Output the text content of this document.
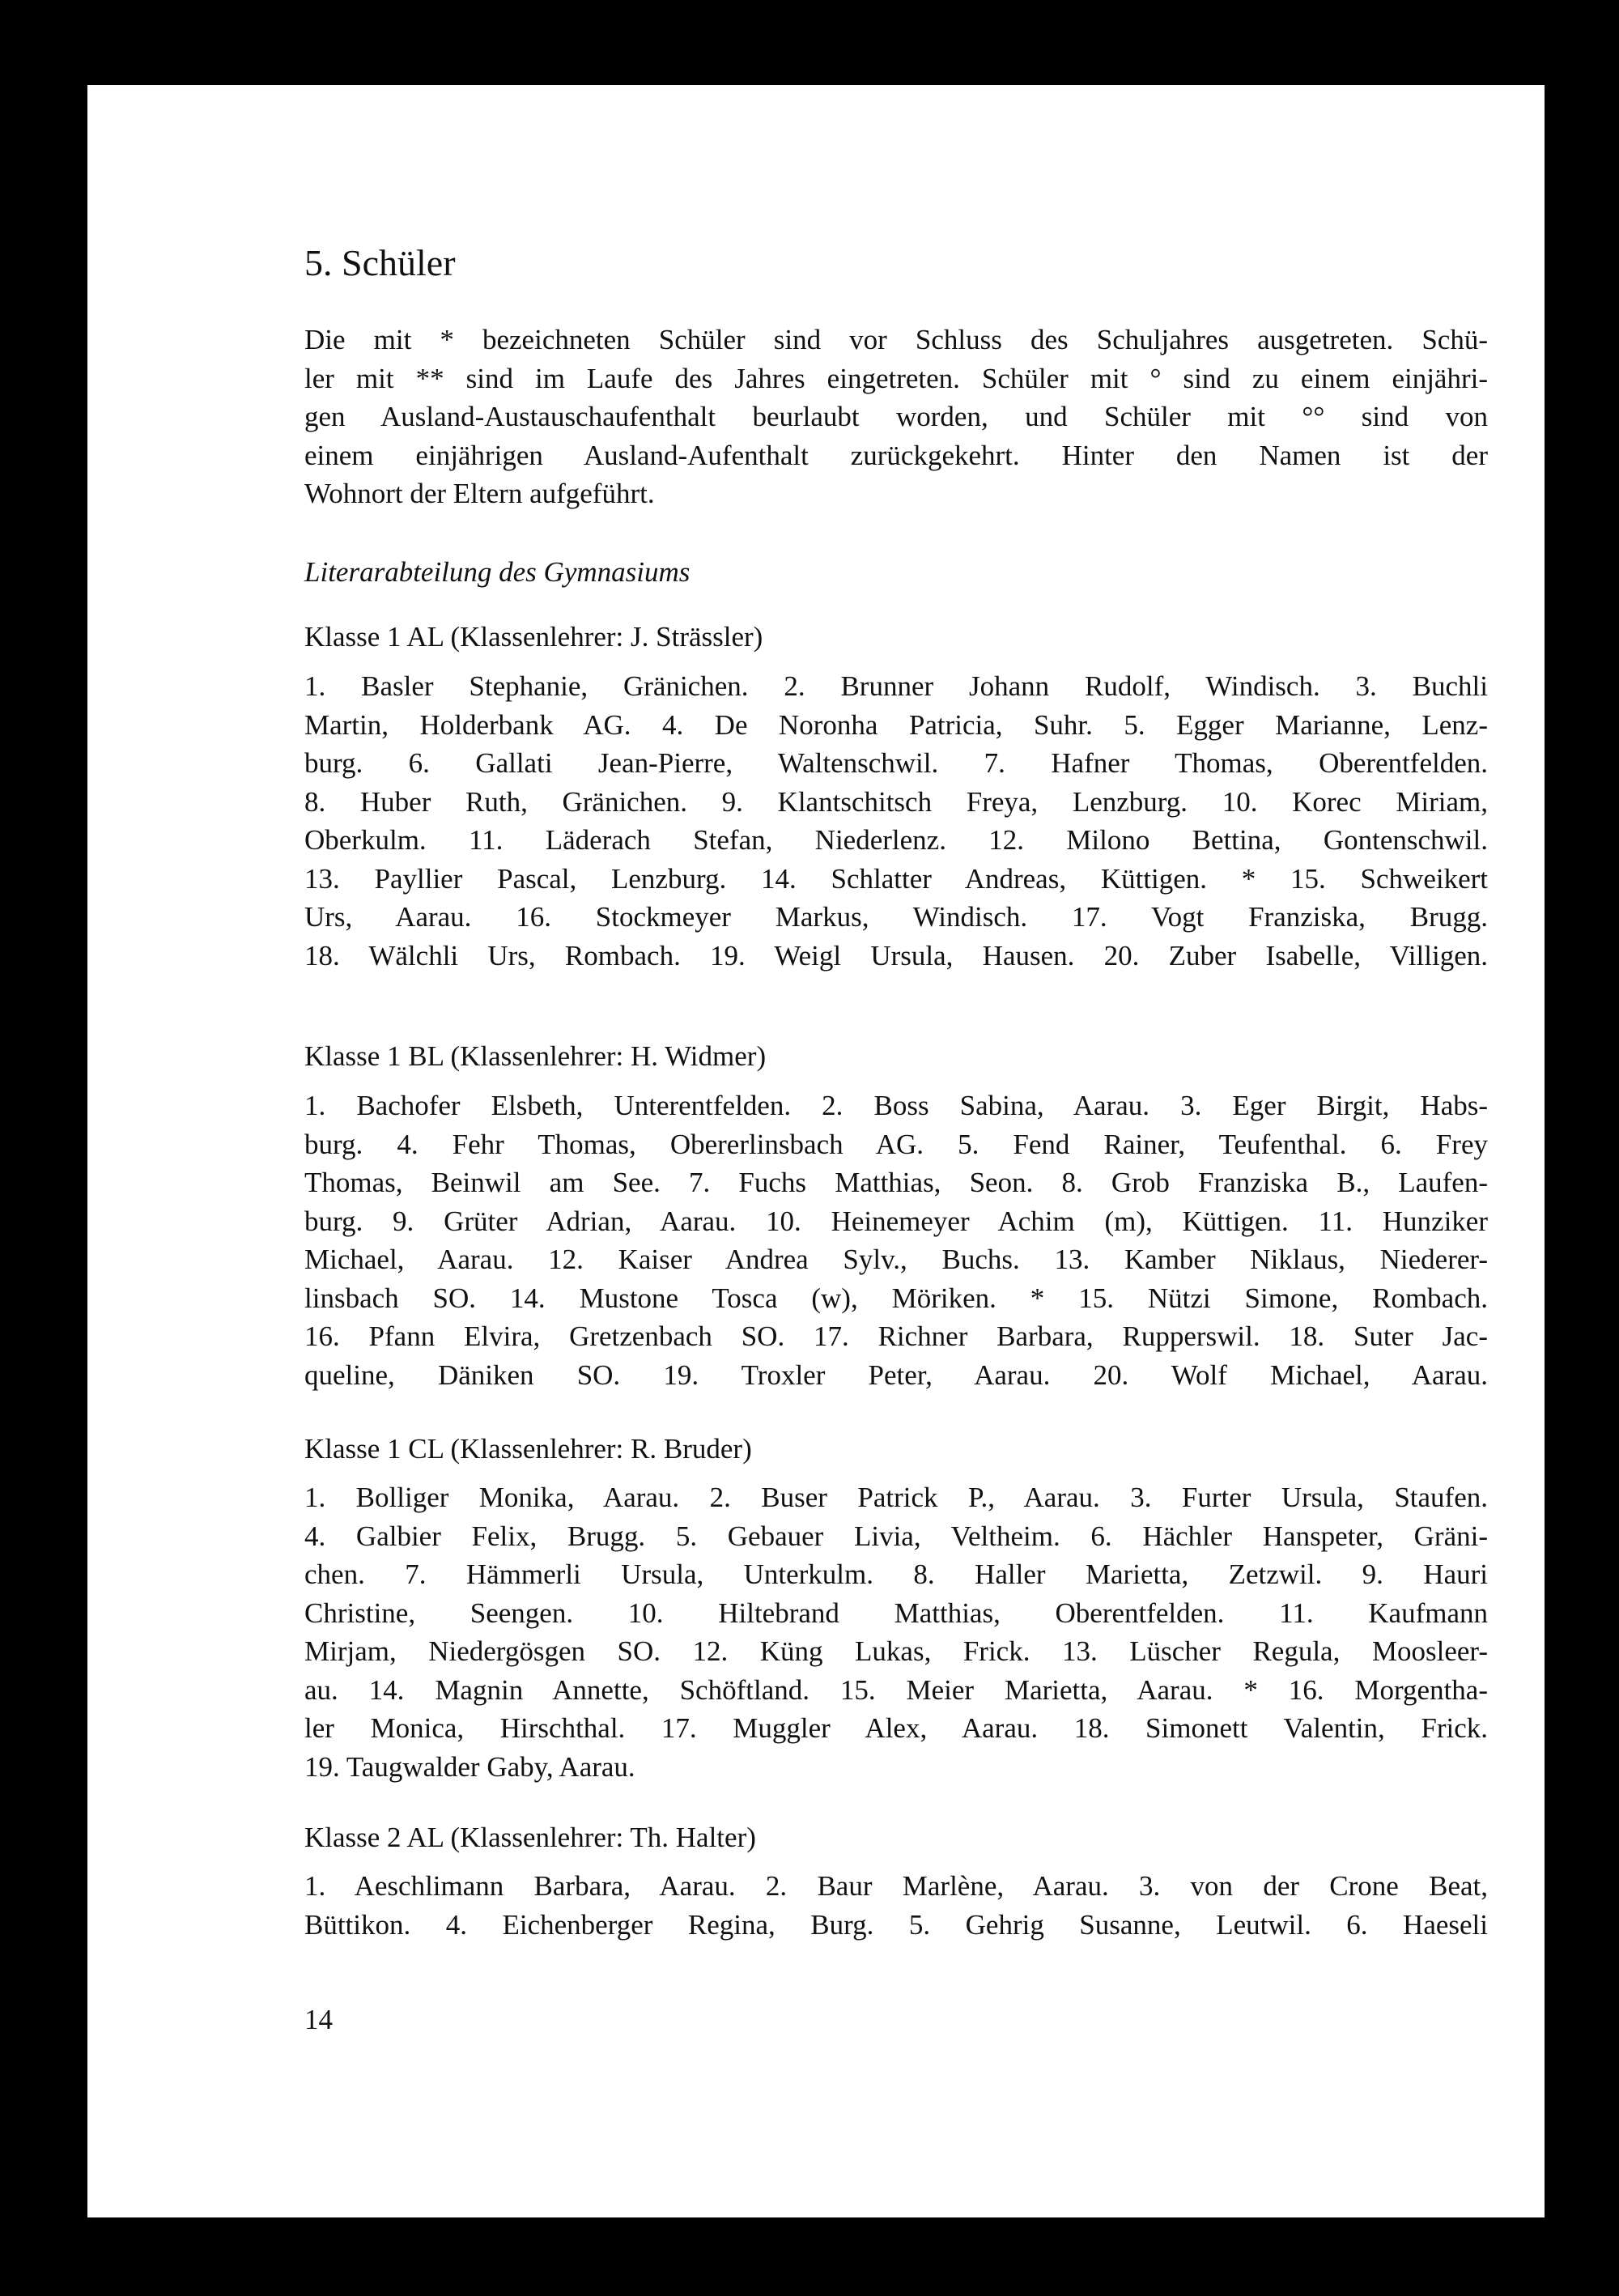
5. Schüler
Die mit * bezeichneten Schüler sind vor Schluss des Schuljahres ausgetreten. Schü-
ler mit ** sind im Laufe des Jahres eingetreten. Schüler mit ° sind zu einem einjähri-
gen Ausland-Austauschaufenthalt beurlaubt worden, und Schüler mit °° sind von
einem einjährigen Ausland-Aufenthalt zurückgekehrt. Hinter den Namen ist der
Wohnort der Eltern aufgeführt.
Literarabteilung des Gymnasiums
Klasse 1 AL (Klassenlehrer: J. Strässler)
1. Basler Stephanie, Gränichen. 2. Brunner Johann Rudolf, Windisch. 3. Buchli
Martin, Holderbank AG. 4. De Noronha Patricia, Suhr. 5. Egger Marianne, Lenz-
burg. 6. Gallati Jean-Pierre, Waltenschwil. 7. Hafner Thomas, Oberentfelden.
8. Huber Ruth, Gränichen. 9. Klantschitsch Freya, Lenzburg. 10. Korec Miriam,
Oberkulm. 11. Läderach Stefan, Niederlenz. 12. Milono Bettina, Gontenschwil.
13. Payllier Pascal, Lenzburg. 14. Schlatter Andreas, Küttigen. * 15. Schweikert
Urs, Aarau. 16. Stockmeyer Markus, Windisch. 17. Vogt Franziska, Brugg.
18. Wälchli Urs, Rombach. 19. Weigl Ursula, Hausen. 20. Zuber Isabelle, Villigen.
Klasse 1 BL (Klassenlehrer: H. Widmer)
1. Bachofer Elsbeth, Unterentfelden. 2. Boss Sabina, Aarau. 3. Eger Birgit, Habs-
burg. 4. Fehr Thomas, Obererlinsbach AG. 5. Fend Rainer, Teufenthal. 6. Frey
Thomas, Beinwil am See. 7. Fuchs Matthias, Seon. 8. Grob Franziska B., Laufen-
burg. 9. Grüter Adrian, Aarau. 10. Heinemeyer Achim (m), Küttigen. 11. Hunziker
Michael, Aarau. 12. Kaiser Andrea Sylv., Buchs. 13. Kamber Niklaus, Niederer-
linsbach SO. 14. Mustone Tosca (w), Möriken. * 15. Nützi Simone, Rombach.
16. Pfann Elvira, Gretzenbach SO. 17. Richner Barbara, Rupperswil. 18. Suter Jac-
queline, Däniken SO. 19. Troxler Peter, Aarau. 20. Wolf Michael, Aarau.
Klasse 1 CL (Klassenlehrer: R. Bruder)
1. Bolliger Monika, Aarau. 2. Buser Patrick P., Aarau. 3. Furter Ursula, Staufen.
4. Galbier Felix, Brugg. 5. Gebauer Livia, Veltheim. 6. Hächler Hanspeter, Gräni-
chen. 7. Hämmerli Ursula, Unterkulm. 8. Haller Marietta, Zetzwil. 9. Hauri
Christine, Seengen. 10. Hiltebrand Matthias, Oberentfelden. 11. Kaufmann
Mirjam, Niedergösgen SO. 12. Küng Lukas, Frick. 13. Lüscher Regula, Moosleer-
au. 14. Magnin Annette, Schöftland. 15. Meier Marietta, Aarau. * 16. Morgentha-
ler Monica, Hirschthal. 17. Muggler Alex, Aarau. 18. Simonett Valentin, Frick.
19. Taugwalder Gaby, Aarau.
Klasse 2 AL (Klassenlehrer: Th. Halter)
1. Aeschlimann Barbara, Aarau. 2. Baur Marlène, Aarau. 3. von der Crone Beat,
Büttikon. 4. Eichenberger Regina, Burg. 5. Gehrig Susanne, Leutwil. 6. Haeseli
14
